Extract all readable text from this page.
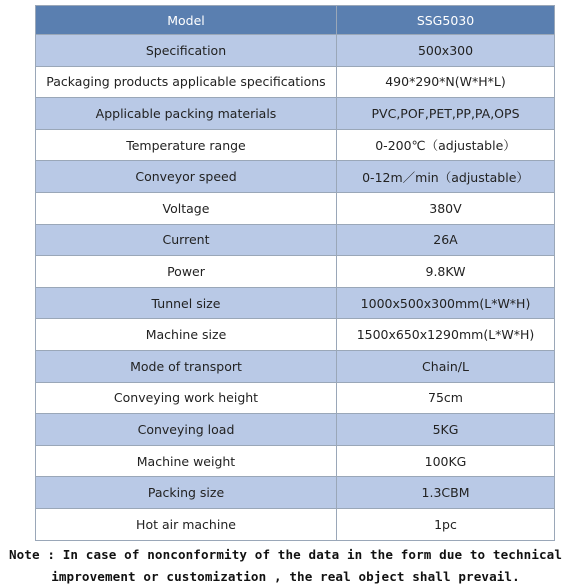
Model	SSG5030
Specification	500x300
Packaging products applicable specifications	490*290*N(W*H*L)
Applicable packing materials	PVC,POF,PET,PP,PA,OPS
Temperature range	0-200℃（adjustable）
Conveyor speed	0-12m／min（adjustable）
Voltage	380V
Current	26A
Power	9.8KW
Tunnel size	1000x500x300mm(L*W*H)
Machine size	1500x650x1290mm(L*W*H)
Mode of transport	Chain/L
Conveying work height	75cm
Conveying load	5KG
Machine weight	100KG
Packing size	1.3CBM
Hot air machine	1pc
Note : In case of nonconformity of the data in the form due to technical
improvement or customization , the real object shall prevail.
